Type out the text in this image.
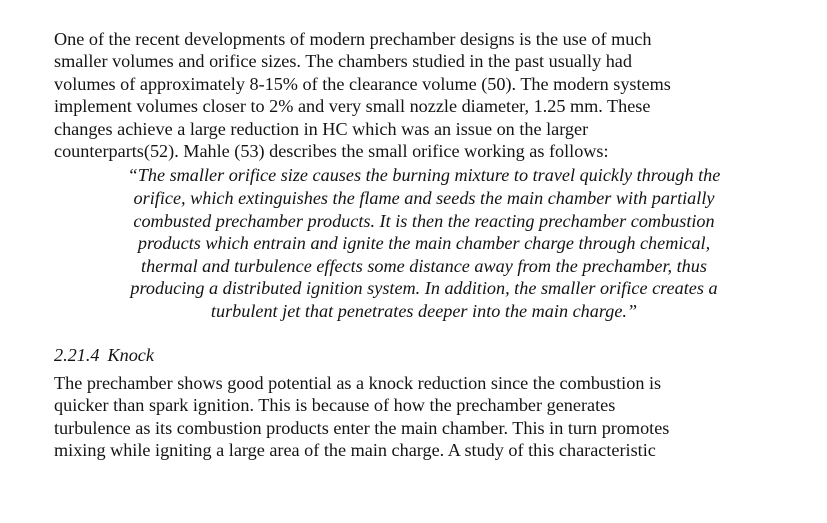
One of the recent developments of modern prechamber designs is the use of much
smaller volumes and orifice sizes. The chambers studied in the past usually had
volumes of approximately 8-15% of the clearance volume (50). The modern systems
implement volumes closer to 2% and very small nozzle diameter, 1.25 mm. These
changes achieve a large reduction in HC which was an issue on the larger
counterparts(52). Mahle (53) describes the small orifice working as follows:

“The smaller orifice size causes the burning mixture to travel quickly through the
orifice, which extinguishes the flame and seeds the main chamber with partially
combusted prechamber products. It is then the reacting prechamber combustion
products which entrain and ignite the main chamber charge through chemical,
thermal and turbulence effects some distance away from the prechamber, thus
producing a distributed ignition system. In addition, the smaller orifice creates a
turbulent jet that penetrates deeper into the main charge.”
2.21.4 Knock

The prechamber shows good potential as a knock reduction since the combustion is
quicker than spark ignition. This is because of how the prechamber generates
turbulence as its combustion products enter the main chamber. This in turn promotes
mixing while igniting a large area of the main charge. A study of this characteristic
